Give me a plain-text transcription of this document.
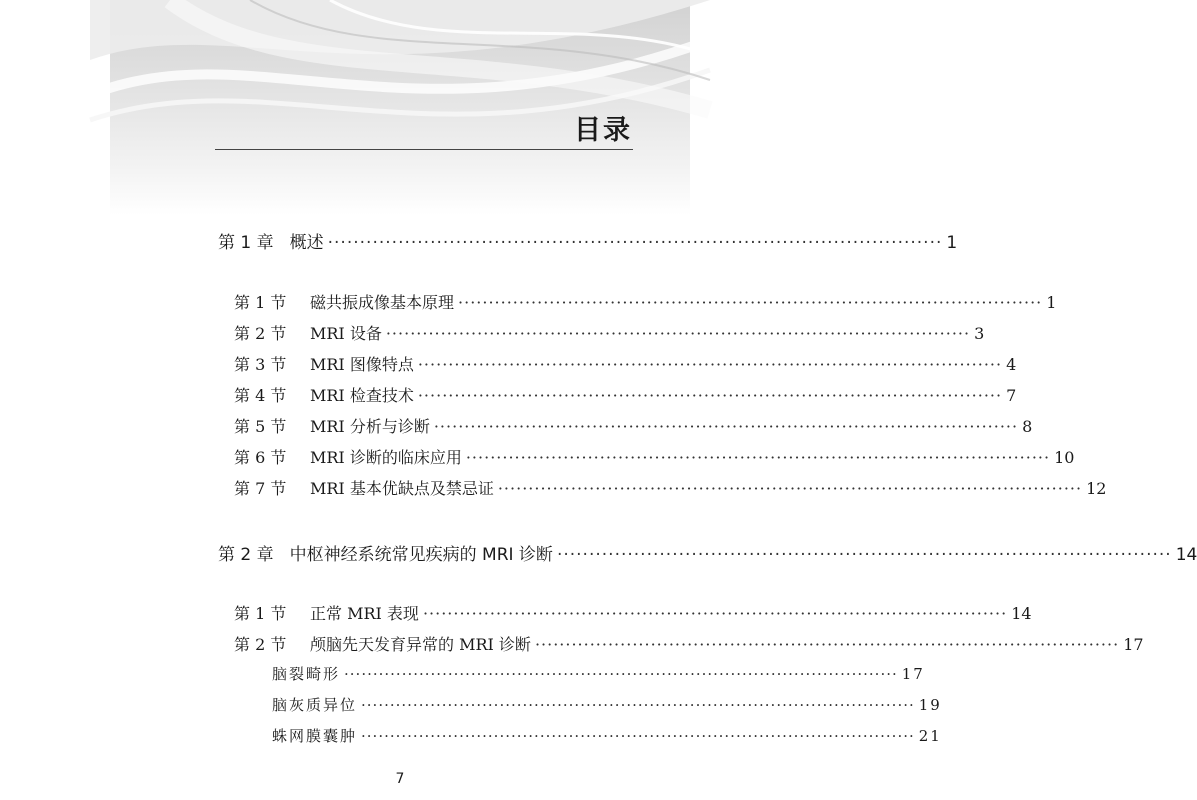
目录
第 1 章 概述 ································································································ 1
第 1 节 磁共振成像基本原理 ································································································ 1
第 2 节 MRI 设备 ································································································ 3
第 3 节 MRI 图像特点 ································································································ 4
第 4 节 MRI 检查技术 ································································································ 7
第 5 节 MRI 分析与诊断 ································································································ 8
第 6 节 MRI 诊断的临床应用 ································································································ 10
第 7 节 MRI 基本优缺点及禁忌证 ································································································ 12
第 2 章 中枢神经系统常见疾病的 MRI 诊断 ································································································ 14
第 1 节 正常 MRI 表现 ································································································ 14
第 2 节 颅脑先天发育异常的 MRI 诊断 ································································································ 17
脑裂畸形 ································································································ 17
脑灰质异位 ································································································ 19
蛛网膜囊肿 ································································································ 21
7
